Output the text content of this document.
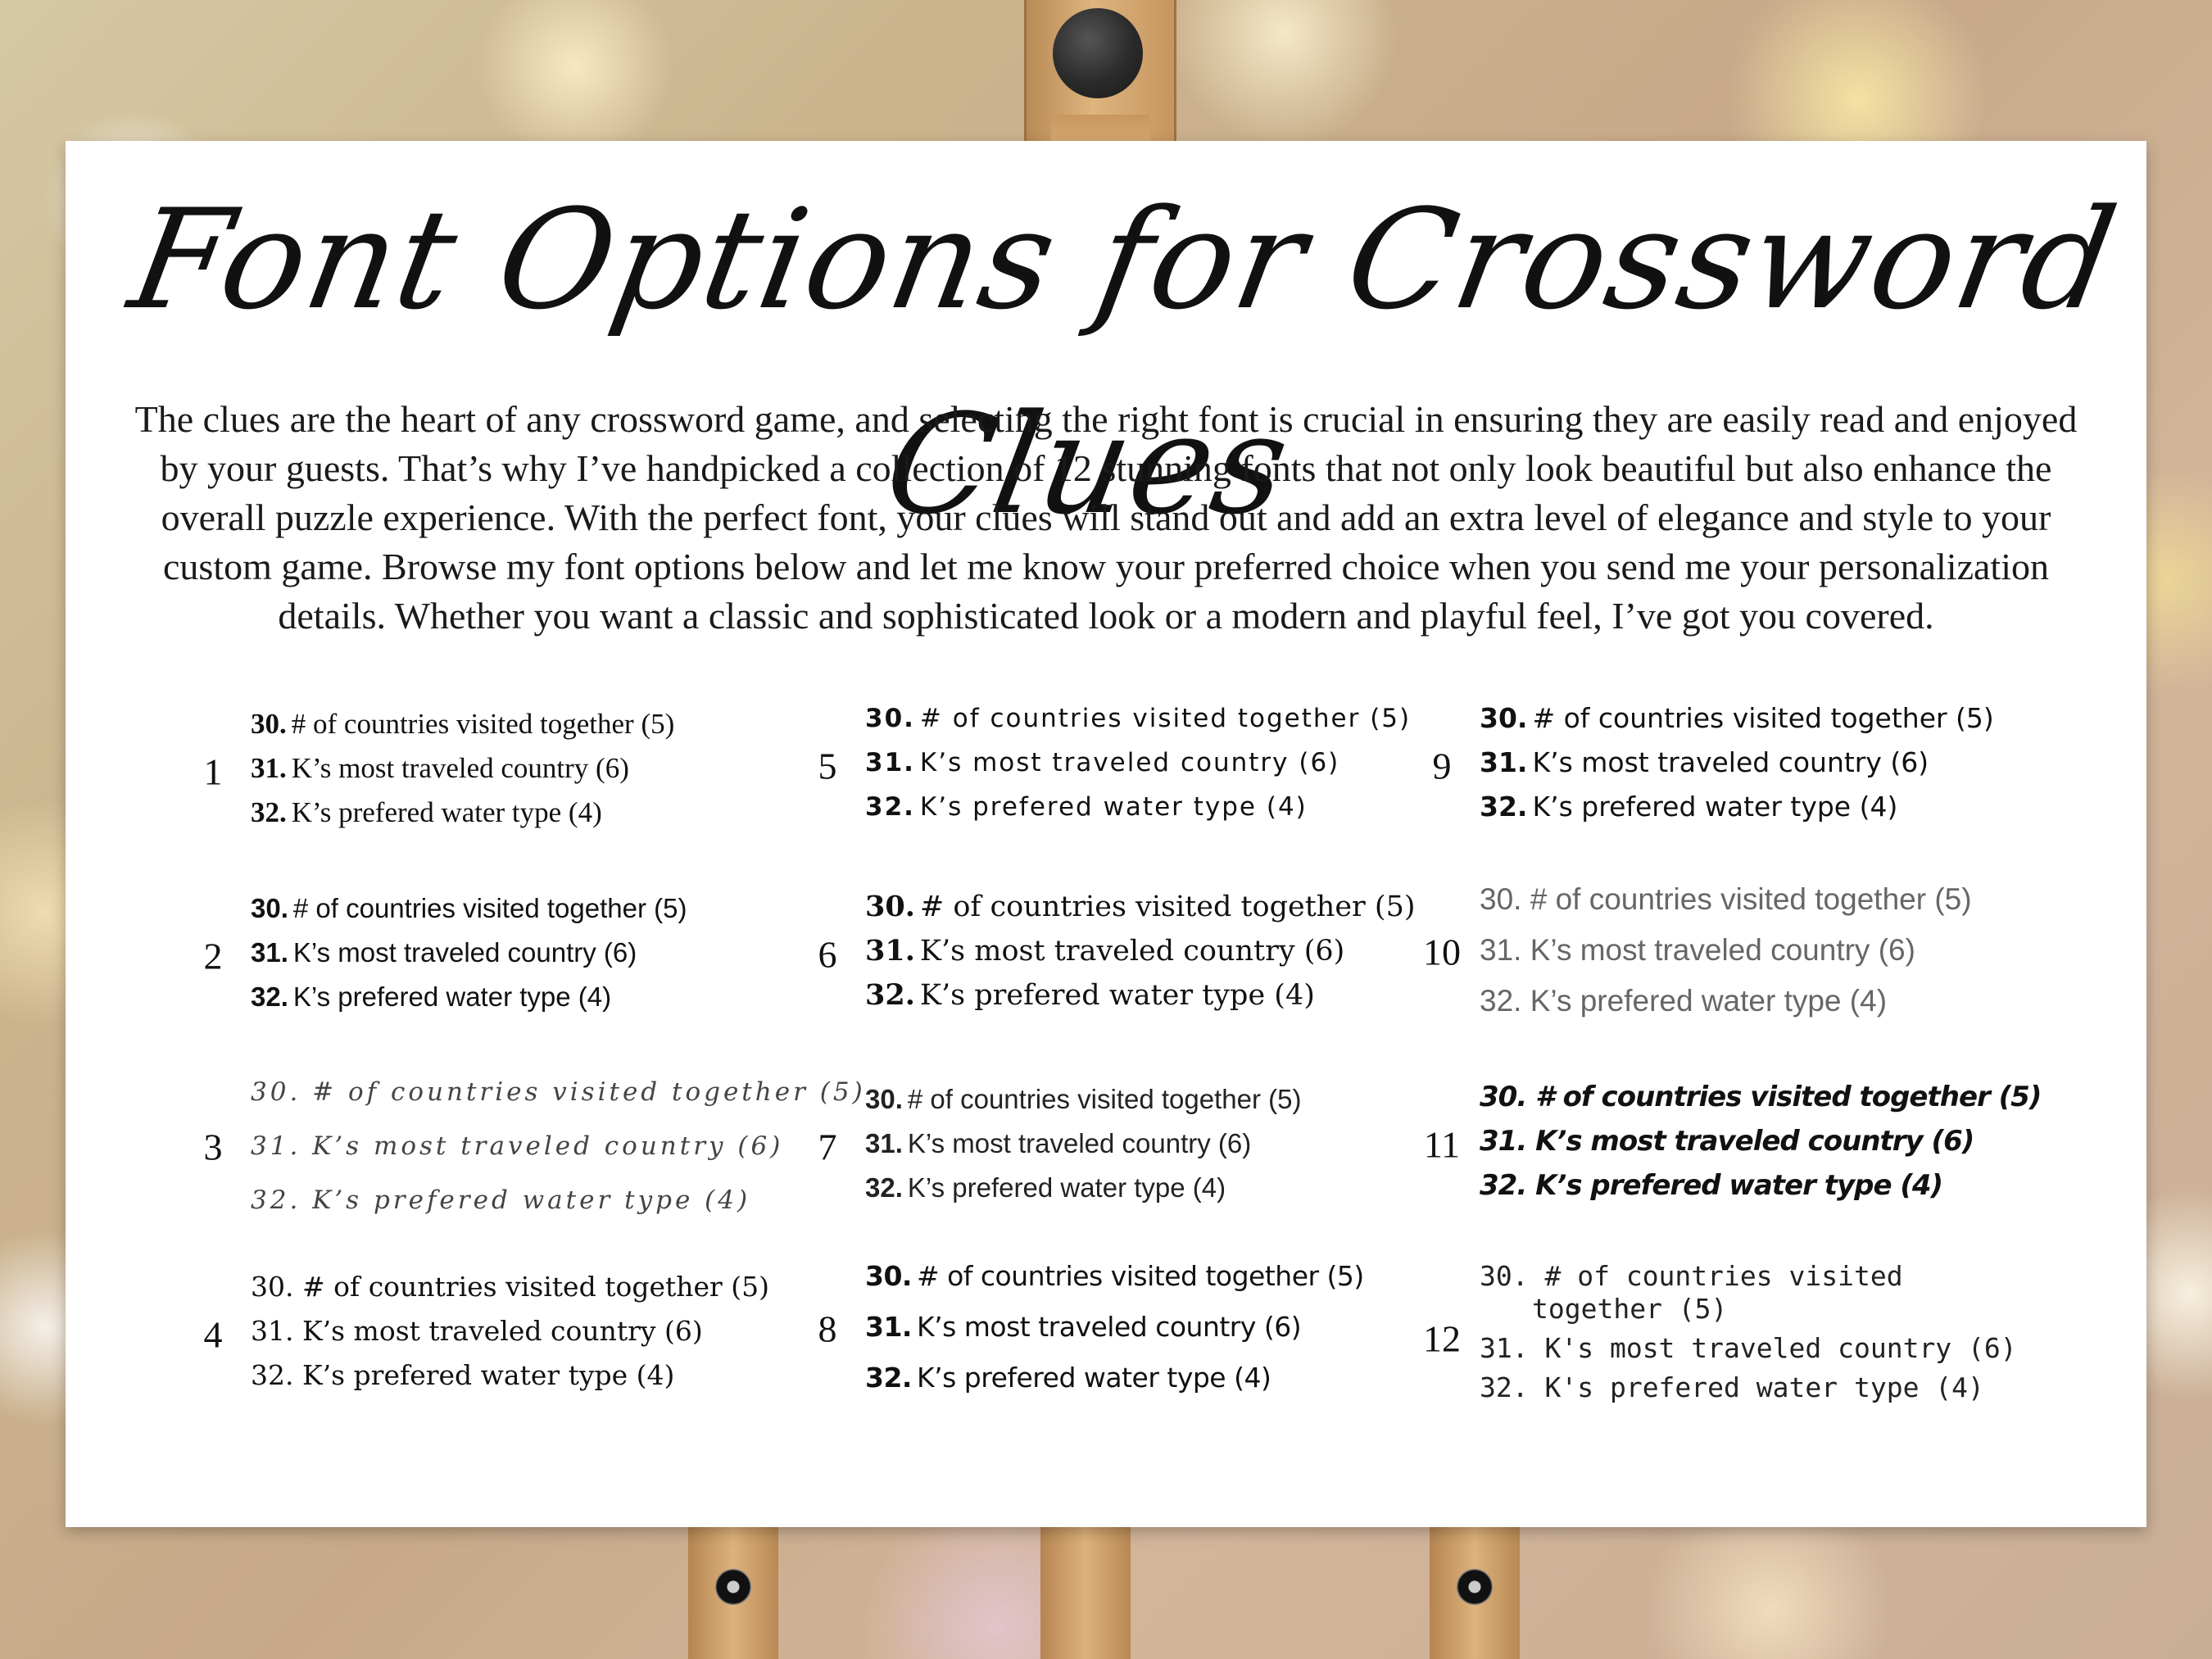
Font Options for Crossword Clues
The clues are the heart of any crossword game, and selecting the right font is crucial in ensuring they are easily read and enjoyed by your guests. That’s why I’ve handpicked a collection of 12 stunning fonts that not only look beautiful but also enhance the overall puzzle experience. With the perfect font, your clues will stand out and add an extra level of elegance and style to your custom game. Browse my font options below and let me know your preferred choice when you send me your personalization details. Whether you want a classic and sophisticated look or a modern and playful feel, I’ve got you covered.
1
30. # of countries visited together (5)
31. K’s most traveled country (6)
32. K’s prefered water type (4)
2
30. # of countries visited together (5)
31. K’s most traveled country (6)
32. K’s prefered water type (4)
3
30. # of countries visited together (5)
31. K’s most traveled country (6)
32. K’s prefered water type (4)
4
30. # of countries visited together (5)
31. K’s most traveled country (6)
32. K’s prefered water type (4)
5
30. # of countries visited together (5)
31. K’s most traveled country (6)
32. K’s prefered water type (4)
6
30. # of countries visited together (5)
31. K’s most traveled country (6)
32. K’s prefered water type (4)
7
30. # of countries visited together (5)
31. K’s most traveled country (6)
32. K’s prefered water type (4)
8
30. # of countries visited together (5)
31. K’s most traveled country (6)
32. K’s prefered water type (4)
9
30. # of countries visited together (5)
31. K’s most traveled country (6)
32. K’s prefered water type (4)
10
30. # of countries visited together (5)
31. K’s most traveled country (6)
32. K’s prefered water type (4)
11
30. # of countries visited together (5)
31. K’s most traveled country (6)
32. K’s prefered water type (4)
12
30. # of countries visited
together (5)
31. K's most traveled country (6)
32. K's prefered water type (4)
